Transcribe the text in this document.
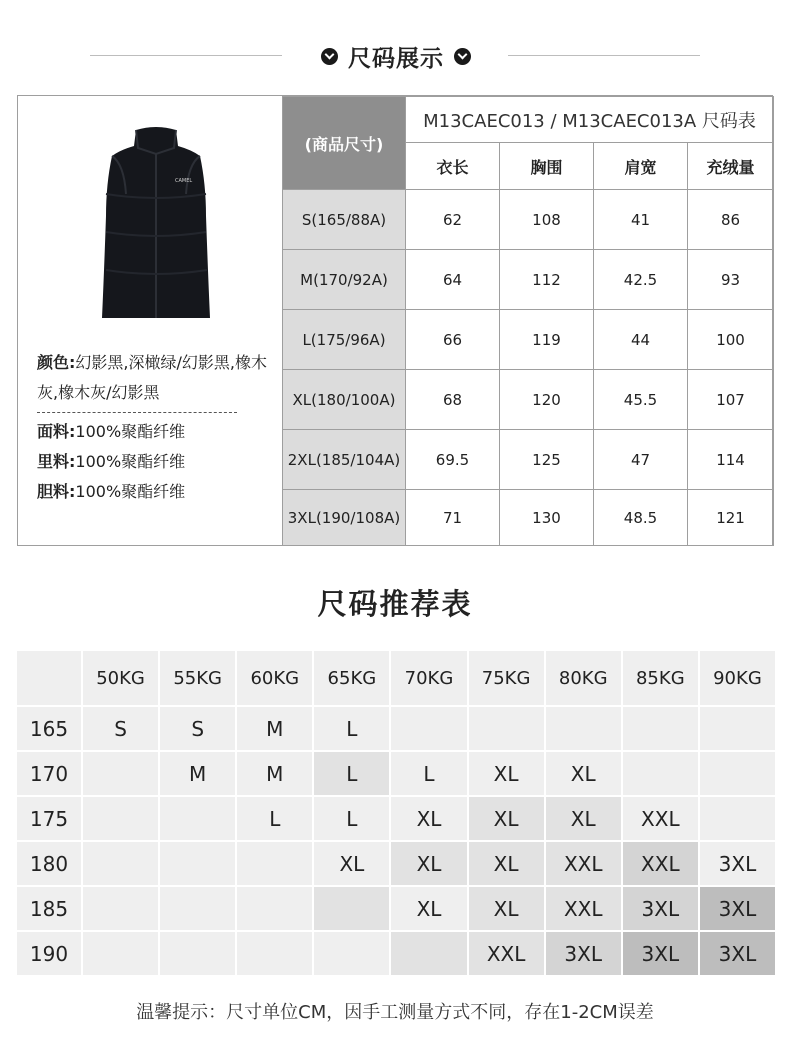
尺码展示
CAMEL
颜色:幻影黑,深橄绿/幻影黑,橡木灰,橡木灰/幻影黑
面料:100%聚酯纤维
里料:100%聚酯纤维
胆料:100%聚酯纤维
(商品尺寸)	M13CAEC013 / M13CAEC013A 尺码表			
	衣长	胸围	肩宽	充绒量
S(165/88A)	62	108	41	86
M(170/92A)	64	112	42.5	93
L(175/96A)	66	119	44	100
XL(180/100A)	68	120	45.5	107
2XL(185/104A)	69.5	125	47	114
3XL(190/108A)	71	130	48.5	121
尺码推荐表
	50KG	55KG	60KG	65KG	70KG	75KG	80KG	85KG	90KG
165	S	S	M	L					
170		M	M	L	L	XL	XL		
175			L	L	XL	XL	XL	XXL	
180				XL	XL	XL	XXL	XXL	3XL
185					XL	XL	XXL	3XL	3XL
190						XXL	3XL	3XL	3XL
温馨提示：尺寸单位CM，因手工测量方式不同，存在1-2CM误差
